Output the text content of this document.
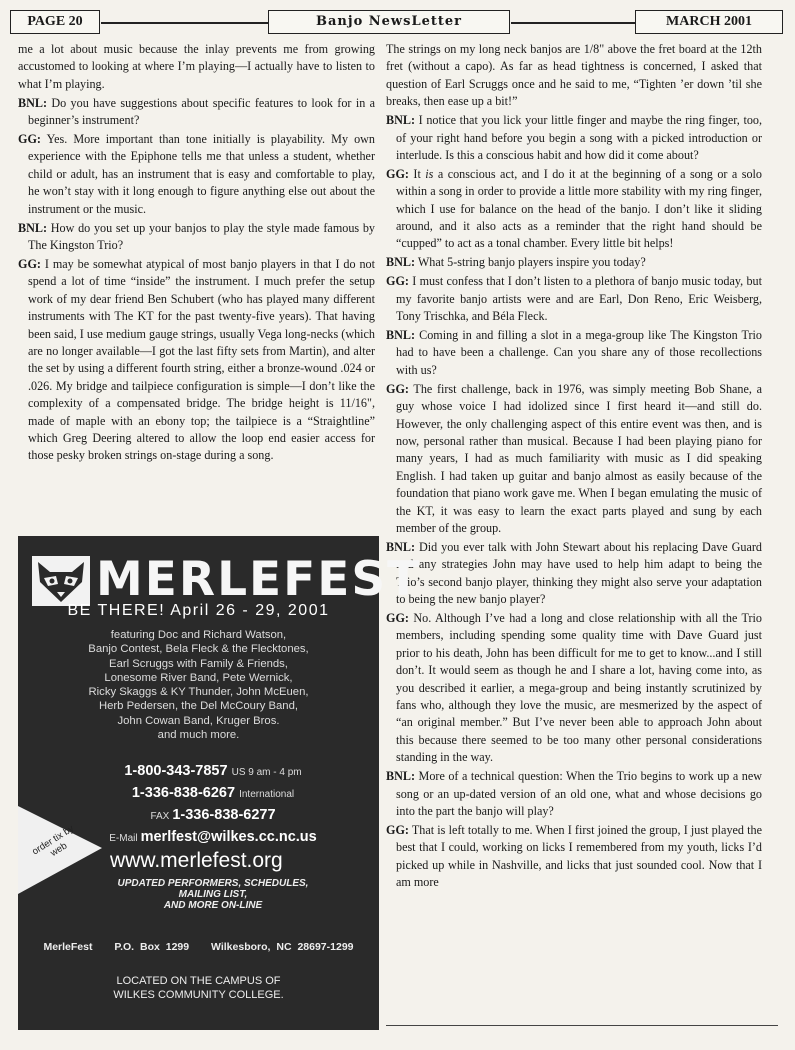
PAGE 20	Banjo NewsLetter	MARCH 2001

me a lot about music because the inlay prevents me from growing accustomed to looking at where I’m playing—I actually have to listen to what I’m playing.

BNL: Do you have suggestions about specific features to look for in a beginner’s instrument?

GG: Yes. More important than tone initially is playability. My own experience with the Epiphone tells me that unless a student, whether child or adult, has an instrument that is easy and comfortable to play, he won’t stay with it long enough to figure anything else out about the instrument or the music.

BNL: How do you set up your banjos to play the style made famous by The Kingston Trio?

GG: I may be somewhat atypical of most banjo players in that I do not spend a lot of time “inside” the instrument. I much prefer the setup work of my dear friend Ben Schubert (who has played many different instruments with The KT for the past twenty-five years). That having been said, I use medium gauge strings, usually Vega long-necks (which are no longer available—I got the last fifty sets from Martin), and alter the set by using a different fourth string, either a bronze-wound .024 or .026. My bridge and tailpiece configuration is simple—I don’t like the complexity of a compensated bridge. The bridge height is 11/16", made of maple with an ebony top; the tailpiece is a “Straightline” which Greg Deering altered to allow the loop end easier access for those pesky broken strings on-stage during a song.

The strings on my long neck banjos are 1/8" above the fret board at the 12th fret (without a capo). As far as head tightness is concerned, I asked that question of Earl Scruggs once and he said to me, “Tighten ’er down ’til she breaks, then ease up a bit!”

BNL: I notice that you lick your little finger and maybe the ring finger, too, of your right hand before you begin a song with a picked introduction or interlude. Is this a conscious habit and how did it come about?

GG: It is a conscious act, and I do it at the beginning of a song or a solo within a song in order to provide a little more stability with my ring finger, which I use for balance on the head of the banjo. I don’t like it sliding around, and it also acts as a reminder that the right hand should be “cupped” to act as a tonal chamber. Every little bit helps!

BNL: What 5-string banjo players inspire you today?

GG: I must confess that I don’t listen to a plethora of banjo music today, but my favorite banjo artists were and are Earl, Don Reno, Eric Weisberg, Tony Trischka, and Béla Fleck.

BNL: Coming in and filling a slot in a mega-group like The Kingston Trio had to have been a challenge. Can you share any of those recollections with us?

GG: The first challenge, back in 1976, was simply meeting Bob Shane, a guy whose voice I had idolized since I first heard it—and still do. However, the only challenging aspect of this entire event was then, and is now, personal rather than musical. Because I had been playing piano for many years, I had as much familiarity with music as I did speaking English. I had taken up guitar and banjo almost as easily because of the foundation that piano work gave me. When I began emulating the music of the KT, it was easy to learn the exact parts played and sung by each member of the group.

BNL: Did you ever talk with John Stewart about his replacing Dave Guard and any strategies John may have used to help him adapt to being the Trio’s second banjo player, thinking they might also serve your adaptation to being the new banjo player?

GG: No. Although I’ve had a long and close relationship with all the Trio members, including spending some quality time with Dave Guard just prior to his death, John has been difficult for me to get to know...and I still don’t. It would seem as though he and I share a lot, having come into, as you described it earlier, a mega-group and being instantly scrutinized by fans who, although they love the music, are mesmerized by the aspect of “an original member.” But I’ve never been able to approach John about this because there seemed to be too many other personal considerations standing in the way.

BNL: More of a technical question: When the Trio begins to work up a new song or an up-dated version of an old one, what and whose decisions go into the part the banjo will play?

GG: That is left totally to me. When I first joined the group, I just played the best that I could, working on licks I remembered from my youth, licks I’d picked up while in Nashville, and licks that just sounded cool. Now that I am more

MERLEFEST
BE THERE! April 26 - 29, 2001
featuring Doc and Richard Watson,
Banjo Contest, Bela Fleck & the Flecktones,
Earl Scruggs with Family & Friends,
Lonesome River Band, Pete Wernick,
Ricky Skaggs & KY Thunder, John McEuen,
Herb Pedersen, the Del McCoury Band,
John Cowan Band, Kruger Bros.
and much more.
1-800-343-7857 US 9 am - 4 pm
1-336-838-6267 International
FAX 1-336-838-6277
E-Mail merlfest@wilkes.cc.nc.us
order tix by web	www.merlefest.org
UPDATED PERFORMERS, SCHEDULES,
MAILING LIST,
AND MORE ON-LINE
MerleFest P.O. Box 1299 Wilkesboro, NC 28697-1299
LOCATED ON THE CAMPUS OF
WILKES COMMUNITY COLLEGE.
